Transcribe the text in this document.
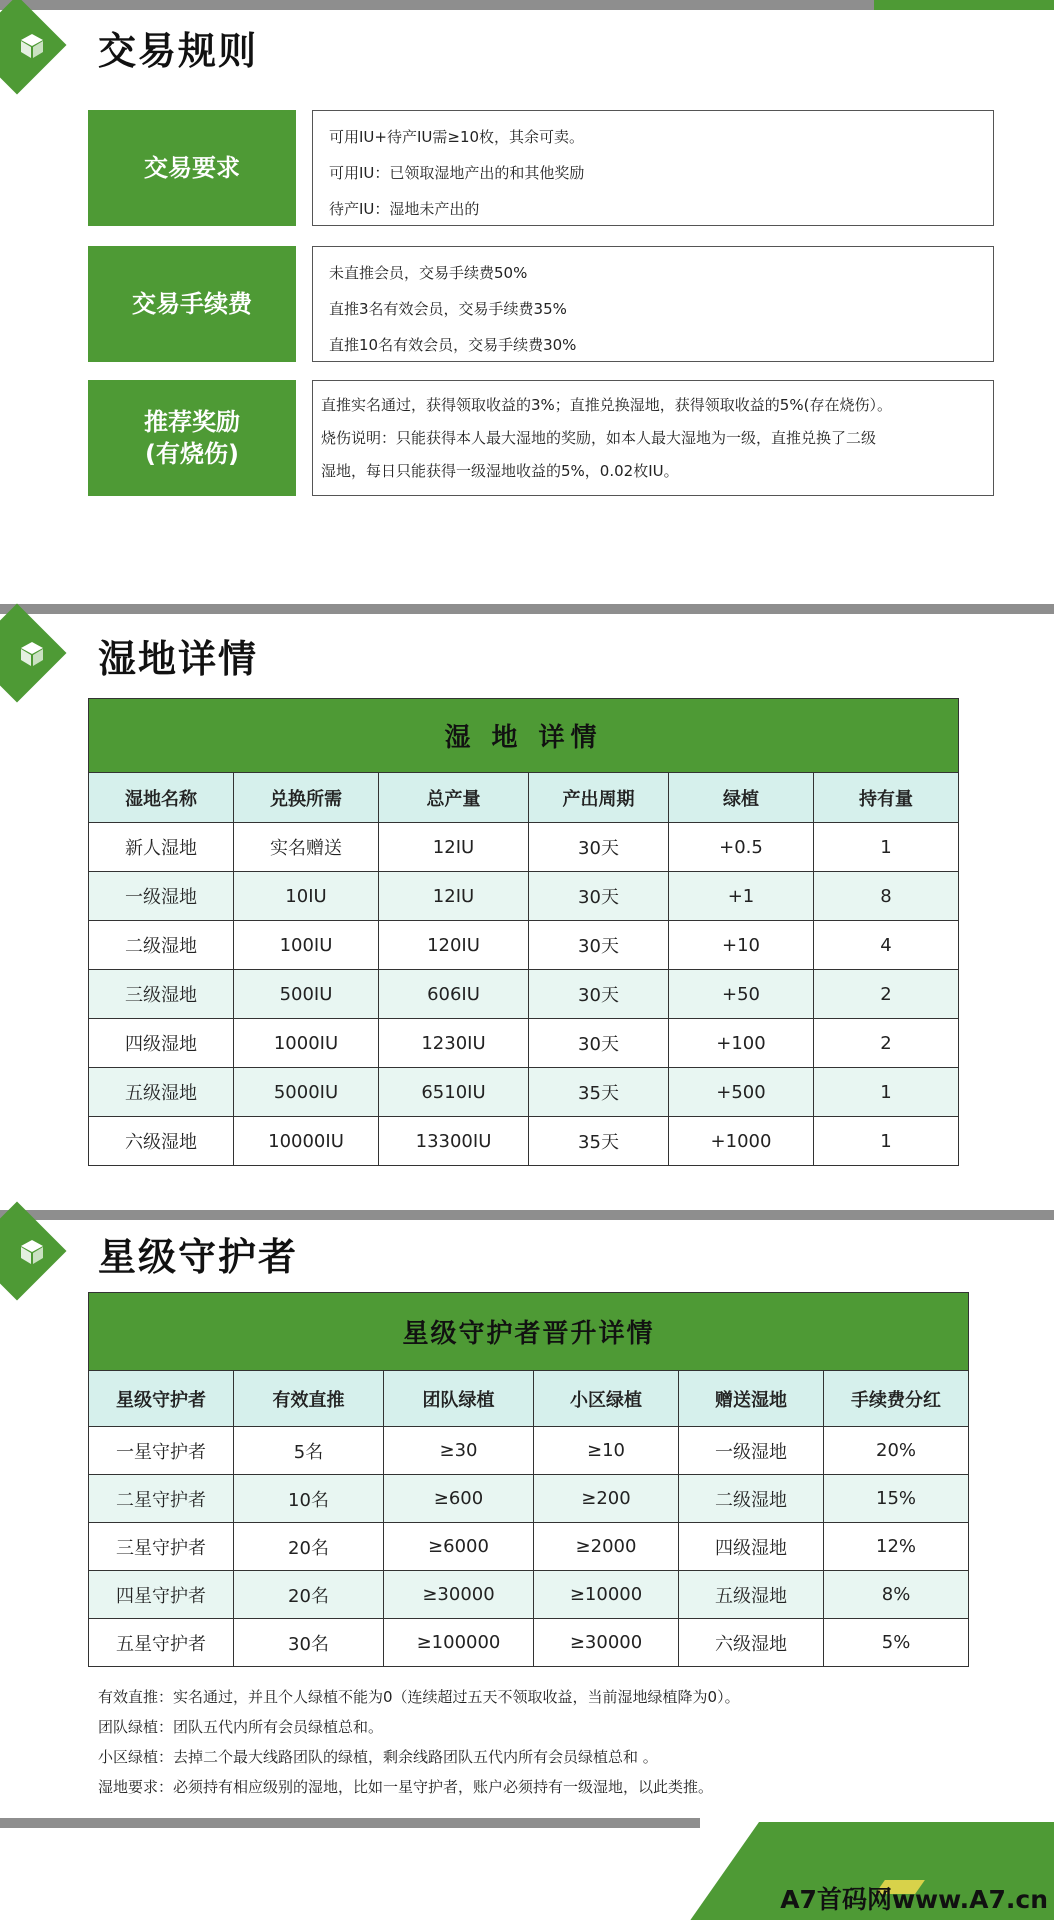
交易规则
交易要求
可用IU+待产IU需≥10枚，其余可卖。
可用IU：已领取湿地产出的和其他奖励
待产IU：湿地未产出的
交易手续费
未直推会员，交易手续费50%
直推3名有效会员，交易手续费35%
直推10名有效会员，交易手续费30%
推荐奖励
(有烧伤)
直推实名通过，获得领取收益的3%；直推兑换湿地，获得领取收益的5%(存在烧伤）。
烧伤说明：只能获得本人最大湿地的奖励，如本人最大湿地为一级，直推兑换了二级
湿地，每日只能获得一级湿地收益的5%，0.02枚IU。
湿地详情
湿 地 详情					
湿地名称	兑换所需	总产量	产出周期	绿植	持有量
新人湿地	实名赠送	12IU	30天	+0.5	1
一级湿地	10IU	12IU	30天	+1	8
二级湿地	100IU	120IU	30天	+10	4
三级湿地	500IU	606IU	30天	+50	2
四级湿地	1000IU	1230IU	30天	+100	2
五级湿地	5000IU	6510IU	35天	+500	1
六级湿地	10000IU	13300IU	35天	+1000	1
星级守护者
星级守护者晋升详情					
星级守护者	有效直推	团队绿植	小区绿植	赠送湿地	手续费分红
一星守护者	5名	≥30	≥10	一级湿地	20%
二星守护者	10名	≥600	≥200	二级湿地	15%
三星守护者	20名	≥6000	≥2000	四级湿地	12%
四星守护者	20名	≥30000	≥10000	五级湿地	8%
五星守护者	30名	≥100000	≥30000	六级湿地	5%
有效直推：实名通过，并且个人绿植不能为0（连续超过五天不领取收益，当前湿地绿植降为0）。
团队绿植：团队五代内所有会员绿植总和。
小区绿植：去掉二个最大线路团队的绿植，剩余线路团队五代内所有会员绿植总和 。
湿地要求：必须持有相应级别的湿地，比如一星守护者，账户必须持有一级湿地，以此类推。
A7首码网www.A7.cn
